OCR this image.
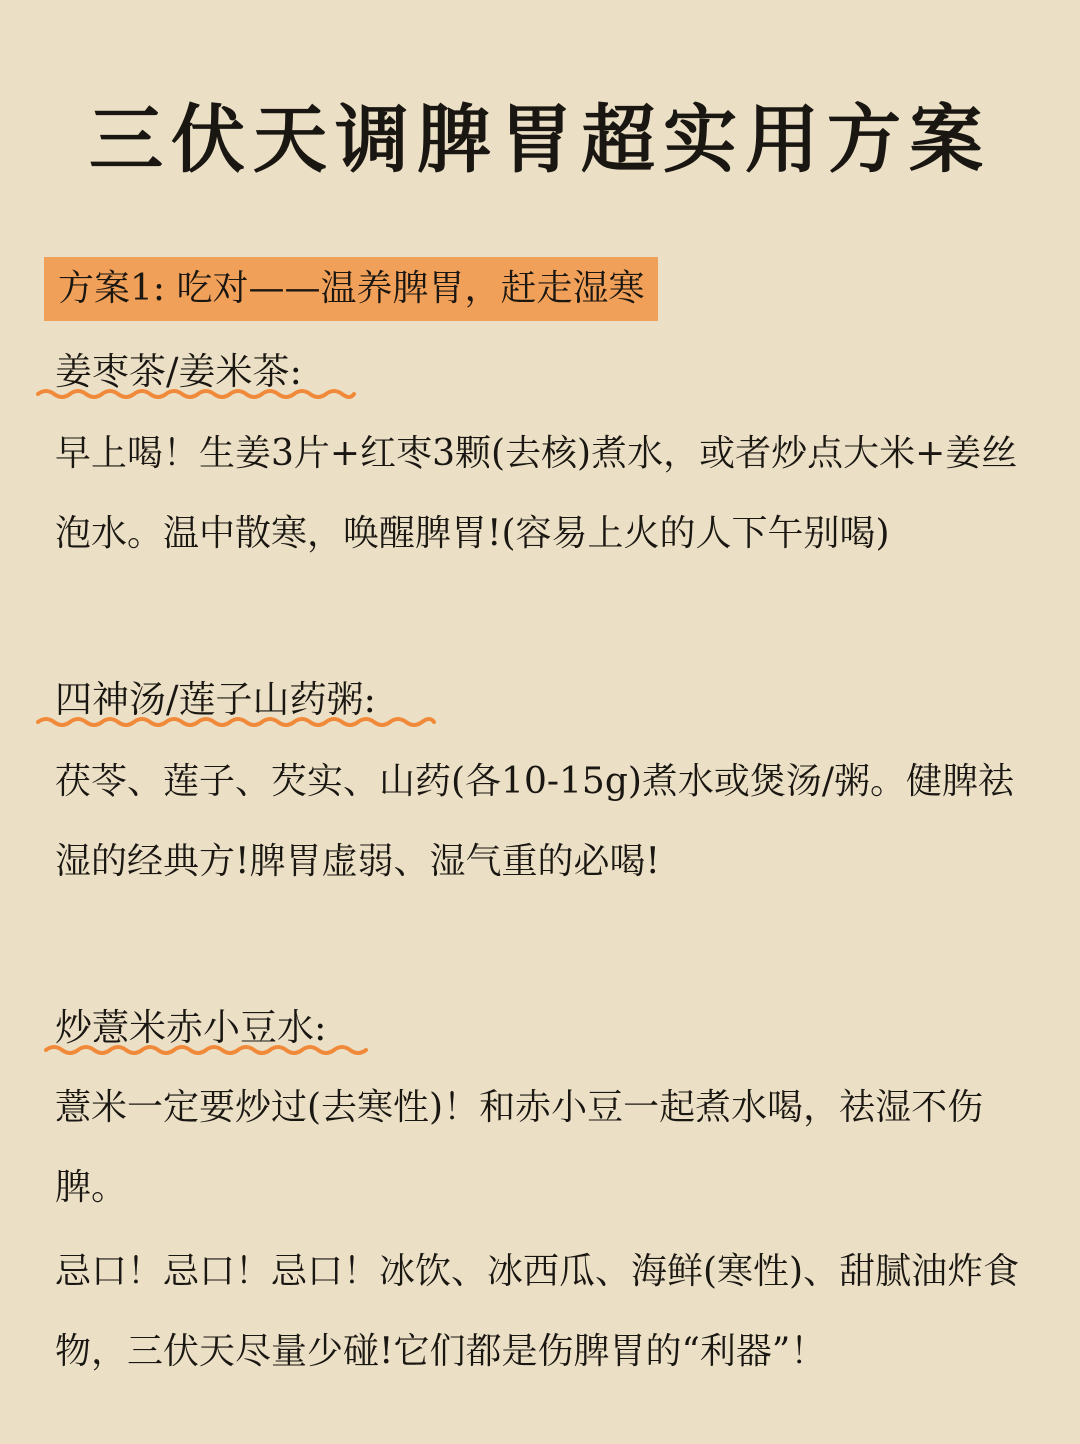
三伏天调脾胃超实用方案
方案1: 吃对——温养脾胃，赶走湿寒
姜枣茶/姜米茶:

早上喝！生姜3片+红枣3颗(去核)煮水，或者炒点大米+姜丝泡水。温中散寒，唤醒脾胃!(容易上火的人下午别喝)

四神汤/莲子山药粥:

茯苓、莲子、芡实、山药(各10-15g)煮水或煲汤/粥。健脾祛湿的经典方!脾胃虚弱、湿气重的必喝!

炒薏米赤小豆水:

薏米一定要炒过(去寒性)！和赤小豆一起煮水喝，祛湿不伤脾。

忌口！忌口！忌口！冰饮、冰西瓜、海鲜(寒性)、甜腻油炸食物，三伏天尽量少碰!它们都是伤脾胃的“利器”！
